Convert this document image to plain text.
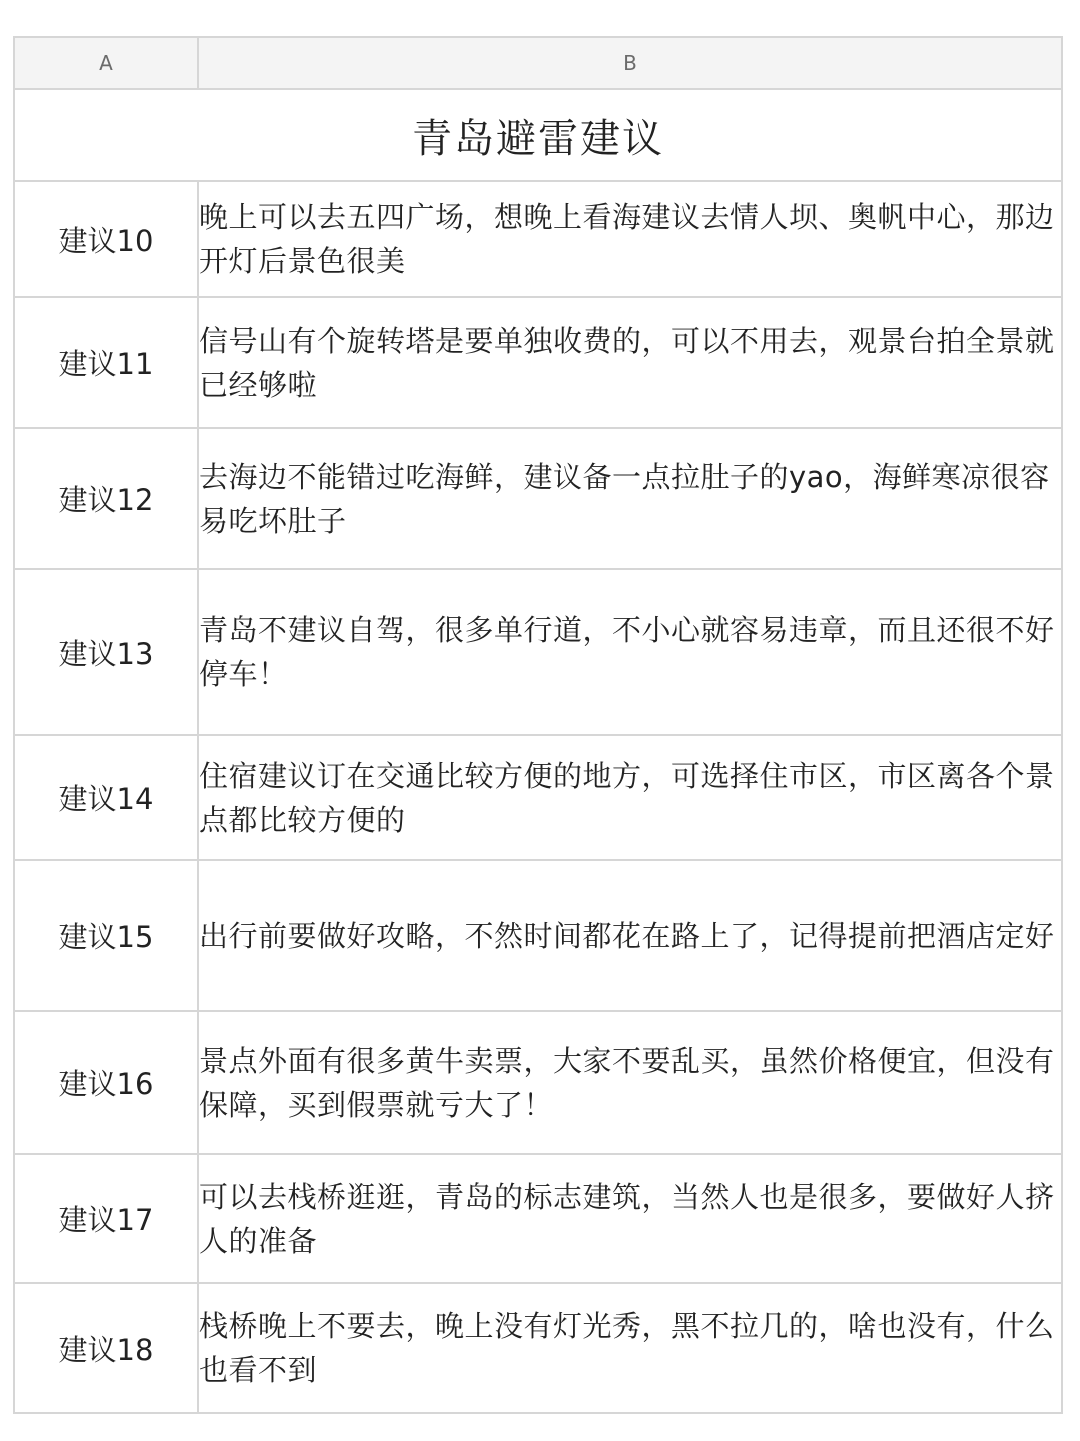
A	B
青岛避雷建议	
建议10	晚上可以去五四广场，想晚上看海建议去情人坝、奥帆中心，那边开灯后景色很美
建议11	信号山有个旋转塔是要单独收费的，可以不用去，观景台拍全景就已经够啦
建议12	去海边不能错过吃海鲜，建议备一点拉肚子的yao，海鲜寒凉很容易吃坏肚子
建议13	青岛不建议自驾，很多单行道，不小心就容易违章，而且还很不好停车！
建议14	住宿建议订在交通比较方便的地方，可选择住市区，市区离各个景点都比较方便的
建议15	出行前要做好攻略，不然时间都花在路上了，记得提前把酒店定好
建议16	景点外面有很多黄牛卖票，大家不要乱买，虽然价格便宜，但没有保障，买到假票就亏大了！
建议17	可以去栈桥逛逛，青岛的标志建筑，当然人也是很多，要做好人挤人的准备
建议18	栈桥晚上不要去，晚上没有灯光秀，黑不拉几的，啥也没有，什么也看不到
